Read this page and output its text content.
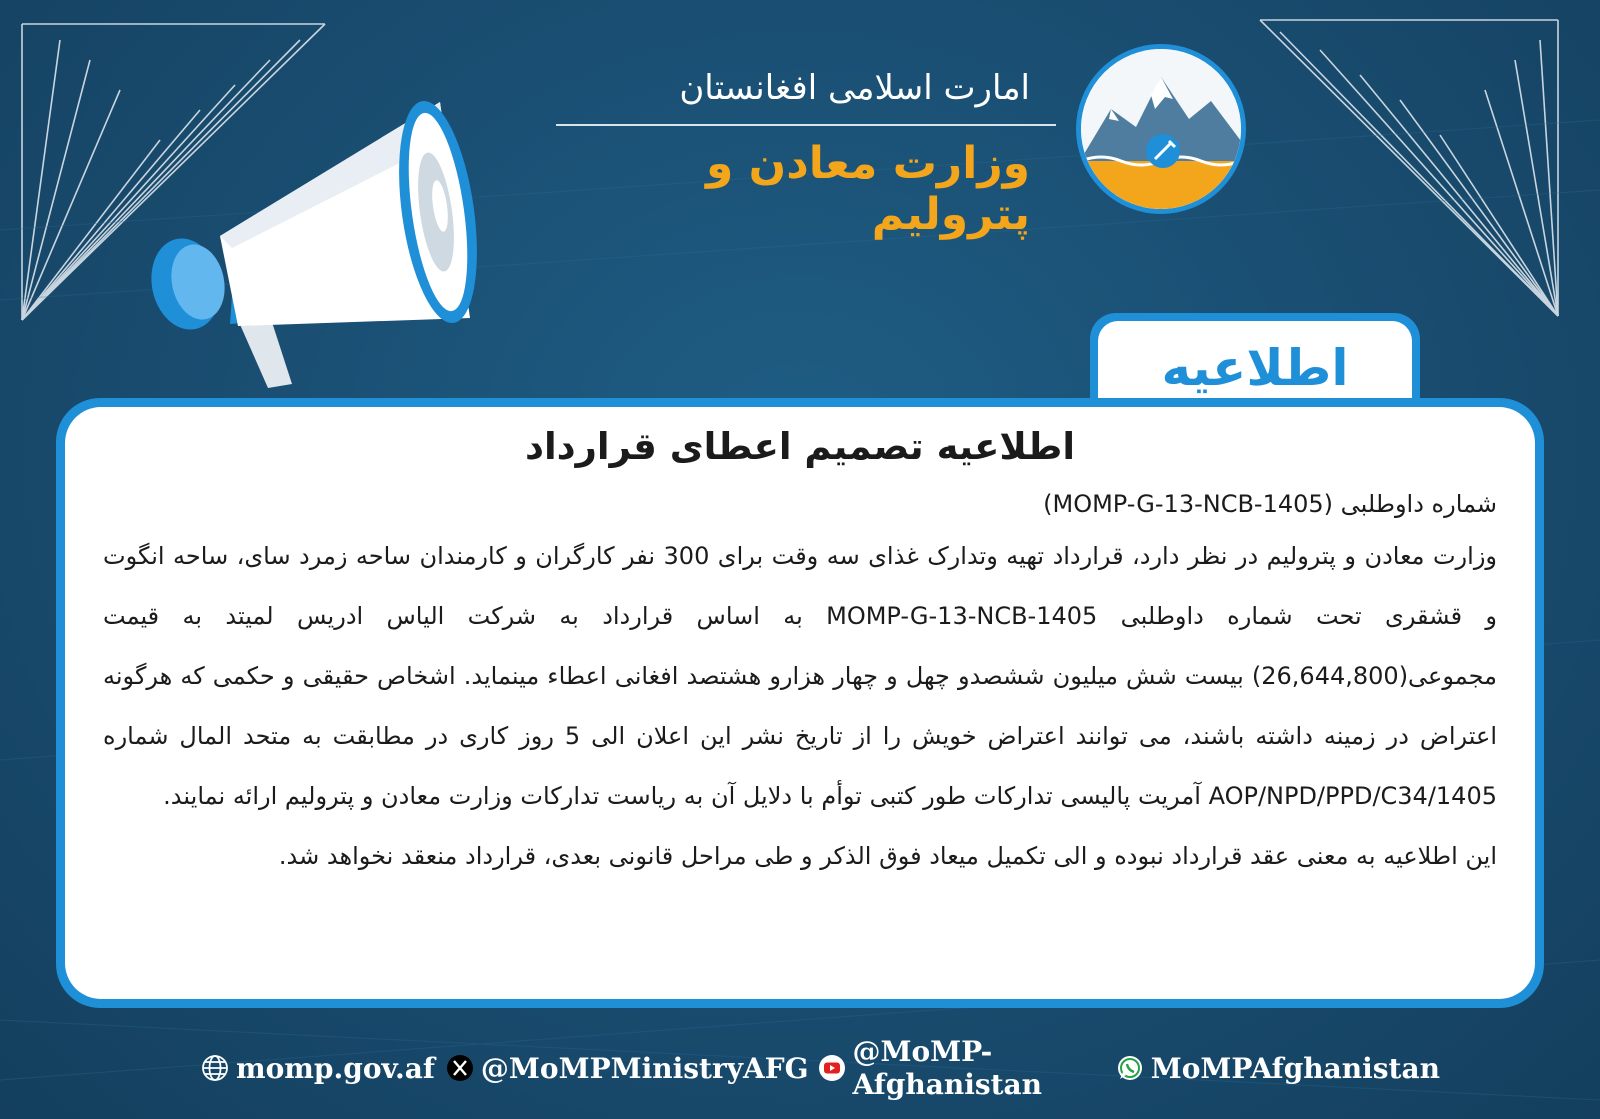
امارت اسلامی افغانستان
وزارت معادن و پترولیم
اطلاعیه
اطلاعیه تصمیم اعطای قرارداد
شماره داوطلبی (MOMP-G-13-NCB-1405)
وزارت معادن و پترولیم در نظر دارد، قرارداد تهیه وتدارک غذای سه وقت برای 300 نفر کارگران و کارمندان ساحه زمرد سای، ساحه انگوت و قشقری تحت شماره داوطلبی MOMP-G-13-NCB-1405 به اساس قرارداد به شرکت الیاس ادریس لمیتد به قیمت مجموعی(26,644,800) بیست شش میلیون ششصدو چهل و چهار هزارو هشتصد افغانی اعطاء مینماید. اشخاص حقیقی و حکمی که هرگونه اعتراض در زمینه داشته باشند، می توانند اعتراض خویش را از تاریخ نشر این اعلان الی 5 روز کاری در مطابقت به متحد المال شماره AOP/NPD/PPD/C34/1405 آمریت پالیسی تدارکات طور کتبی توأم با دلایل آن به ریاست تدارکات وزارت معادن و پترولیم ارائه نمایند.
این اطلاعیه به معنی عقد قرارداد نبوده و الی تکمیل میعاد فوق الذکر و طی مراحل قانونی بعدی، قرارداد منعقد نخواهد شد.
momp.gov.af @MoMPMinistryAFG @MoMP-Afghanistan	MoMPAfghanistan
